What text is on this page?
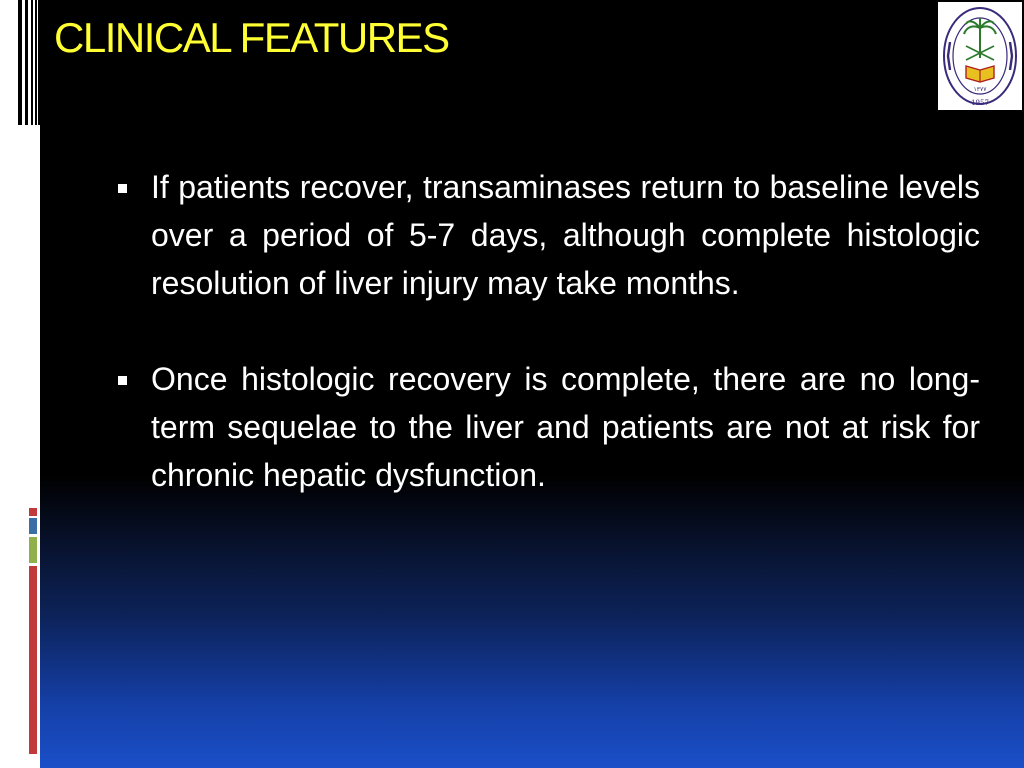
CLINICAL FEATURES
١٣٧٧
1957

If patients recover, transaminases return to baseline levels over a period of 5-7 days, although complete histologic resolution of liver injury may take months.

Once histologic recovery is complete, there are no long-term sequelae to the liver and patients are not at risk for chronic hepatic dysfunction.
